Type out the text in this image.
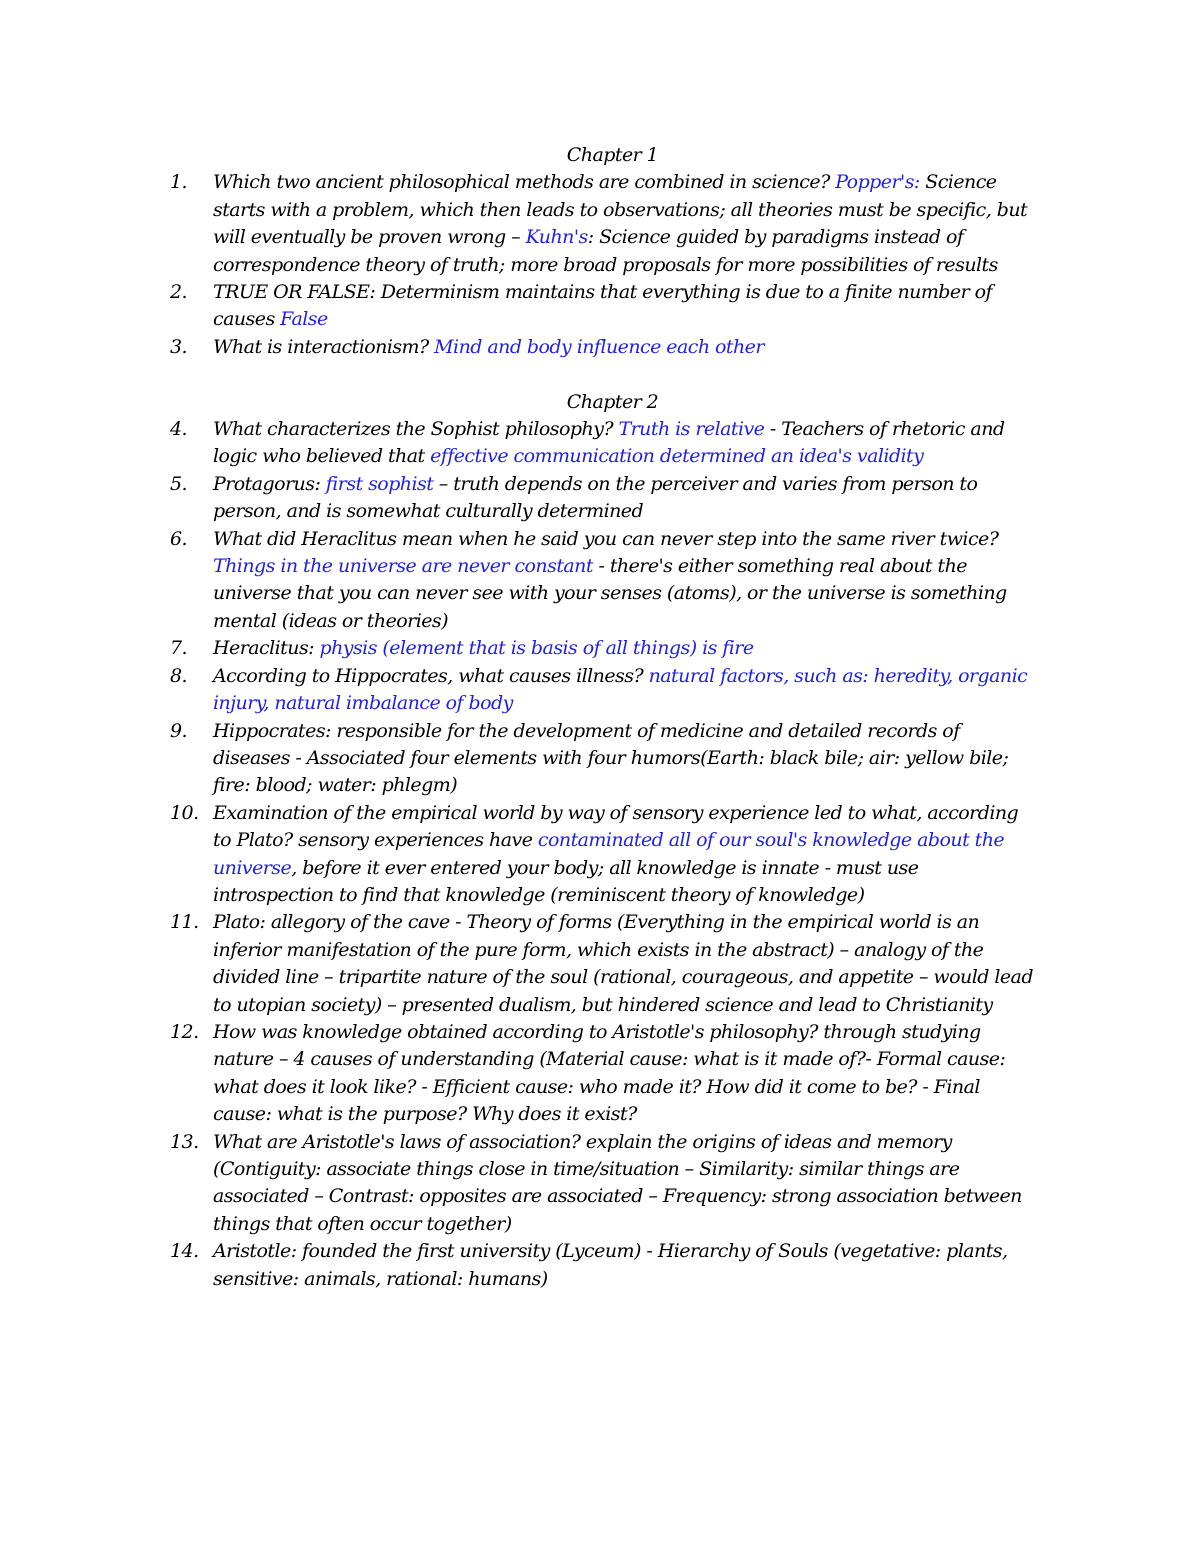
Chapter 1
1.	Which two ancient philosophical methods are combined in science? Popper's: Science starts with a problem, which then leads to observations; all theories must be specific, but will eventually be proven wrong – Kuhn's: Science guided by paradigms instead of correspondence theory of truth; more broad proposals for more possibilities of results
2.	TRUE OR FALSE: Determinism maintains that everything is due to a finite number of causes False
3.	What is interactionism? Mind and body influence each other
Chapter 2
4.	What characterizes the Sophist philosophy? Truth is relative - Teachers of rhetoric and logic who believed that effective communication determined an idea's validity
5.	Protagorus: first sophist – truth depends on the perceiver and varies from person to person, and is somewhat culturally determined
6.	What did Heraclitus mean when he said you can never step into the same river twice? Things in the universe are never constant - there's either something real about the universe that you can never see with your senses (atoms), or the universe is something mental (ideas or theories)
7.	Heraclitus: physis (element that is basis of all things) is fire
8.	According to Hippocrates, what causes illness? natural factors, such as: heredity, organic injury, natural imbalance of body
9.	Hippocrates: responsible for the development of medicine and detailed records of diseases - Associated four elements with four humors(Earth: black bile; air: yellow bile; fire: blood; water: phlegm)
10. Examination of the empirical world by way of sensory experience led to what, according to Plato? sensory experiences have contaminated all of our soul's knowledge about the universe, before it ever entered your body; all knowledge is innate - must use introspection to find that knowledge (reminiscent theory of knowledge)
11. Plato: allegory of the cave - Theory of forms (Everything in the empirical world is an inferior manifestation of the pure form, which exists in the abstract) – analogy of the divided line – tripartite nature of the soul (rational, courageous, and appetite – would lead to utopian society) – presented dualism, but hindered science and lead to Christianity
12. How was knowledge obtained according to Aristotle's philosophy? through studying nature – 4 causes of understanding (Material cause: what is it made of?- Formal cause: what does it look like? - Efficient cause: who made it? How did it come to be? - Final cause: what is the purpose? Why does it exist?
13. What are Aristotle's laws of association? explain the origins of ideas and memory (Contiguity: associate things close in time/situation – Similarity: similar things are associated – Contrast: opposites are associated – Frequency: strong association between things that often occur together)
14. Aristotle: founded the first university (Lyceum) - Hierarchy of Souls (vegetative: plants, sensitive: animals, rational: humans)
